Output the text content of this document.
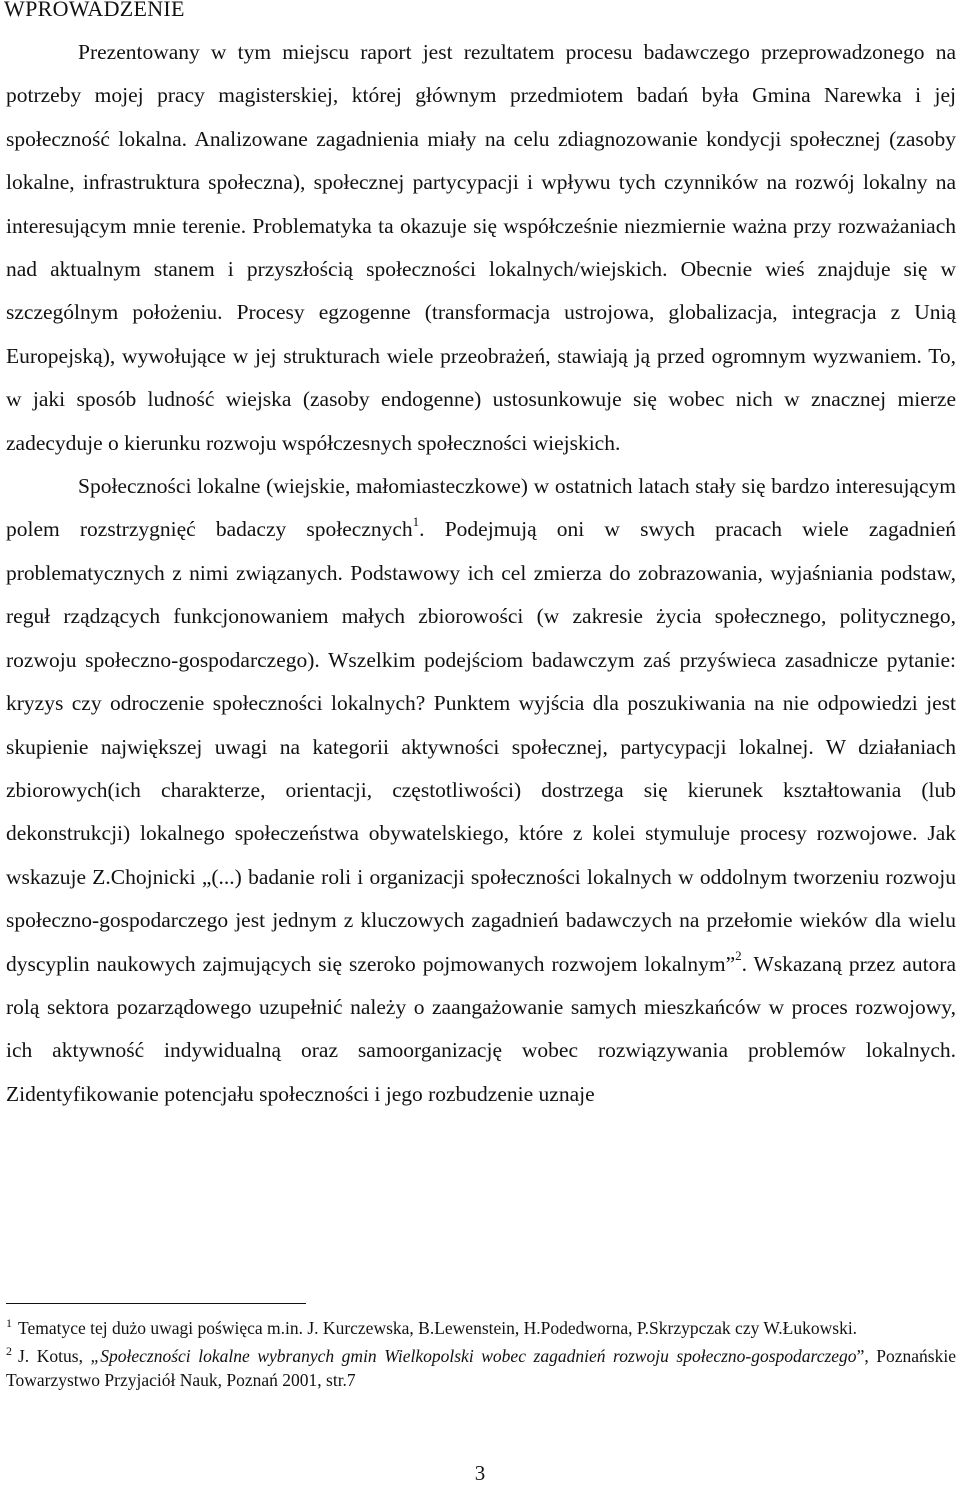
WPROWADZENIE

Prezentowany w tym miejscu raport jest rezultatem procesu badawczego przeprowadzonego na potrzeby mojej pracy magisterskiej, której głównym przedmiotem badań była Gmina Narewka i jej społeczność lokalna. Analizowane zagadnienia miały na celu zdiagnozowanie kondycji społecznej (zasoby lokalne, infrastruktura społeczna), społecznej partycypacji i wpływu tych czynników na rozwój lokalny na interesującym mnie terenie. Problematyka ta okazuje się współcześnie niezmiernie ważna przy rozważaniach nad aktualnym stanem i przyszłością społeczności lokalnych/wiejskich. Obecnie wieś znajduje się w szczególnym położeniu. Procesy egzogenne (transformacja ustrojowa, globalizacja, integracja z Unią Europejską), wywołujące w jej strukturach wiele przeobrażeń, stawiają ją przed ogromnym wyzwaniem. To, w jaki sposób ludność wiejska (zasoby endogenne) ustosunkowuje się wobec nich w znacznej mierze zadecyduje o kierunku rozwoju współczesnych społeczności wiejskich.

Społeczności lokalne (wiejskie, małomiasteczkowe) w ostatnich latach stały się bardzo interesującym polem rozstrzygnięć badaczy społecznych$^1$. Podejmują oni w swych pracach wiele zagadnień problematycznych z nimi związanych. Podstawowy ich cel zmierza do zobrazowania, wyjaśniania podstaw, reguł rządzących funkcjonowaniem małych zbiorowości (w zakresie życia społecznego, politycznego, rozwoju społeczno-gospodarczego). Wszelkim podejściom badawczym zaś przyświeca zasadnicze pytanie: kryzys czy odroczenie społeczności lokalnych? Punktem wyjścia dla poszukiwania na nie odpowiedzi jest skupienie największej uwagi na kategorii aktywności społecznej, partycypacji lokalnej. W działaniach zbiorowych(ich charakterze, orientacji, częstotliwości) dostrzega się kierunek kształtowania (lub dekonstrukcji) lokalnego społeczeństwa obywatelskiego, które z kolei stymuluje procesy rozwojowe. Jak wskazuje Z.Chojnicki „(...) badanie roli i organizacji społeczności lokalnych w oddolnym tworzeniu rozwoju społeczno-gospodarczego jest jednym z kluczowych zagadnień badawczych na przełomie wieków dla wielu dyscyplin naukowych zajmujących się szeroko pojmowanych rozwojem lokalnym”$^2$. Wskazaną przez autora rolą sektora pozarządowego uzupełnić należy o zaangażowanie samych mieszkańców w proces rozwojowy, ich aktywność indywidualną oraz samoorganizację wobec rozwiązywania problemów lokalnych. Zidentyfikowanie potencjału społeczności i jego rozbudzenie uznaje

$^1$ Tematyce tej dużo uwagi poświęca m.in. J. Kurczewska, B.Lewenstein, H.Podedworna, P.Skrzypczak czy W.Łukowski.

$^2$ J. Kotus, „Społeczności lokalne wybranych gmin Wielkopolski wobec zagadnień rozwoju społeczno-gospodarczego”, Poznańskie Towarzystwo Przyjaciół Nauk, Poznań 2001, str.7

3
